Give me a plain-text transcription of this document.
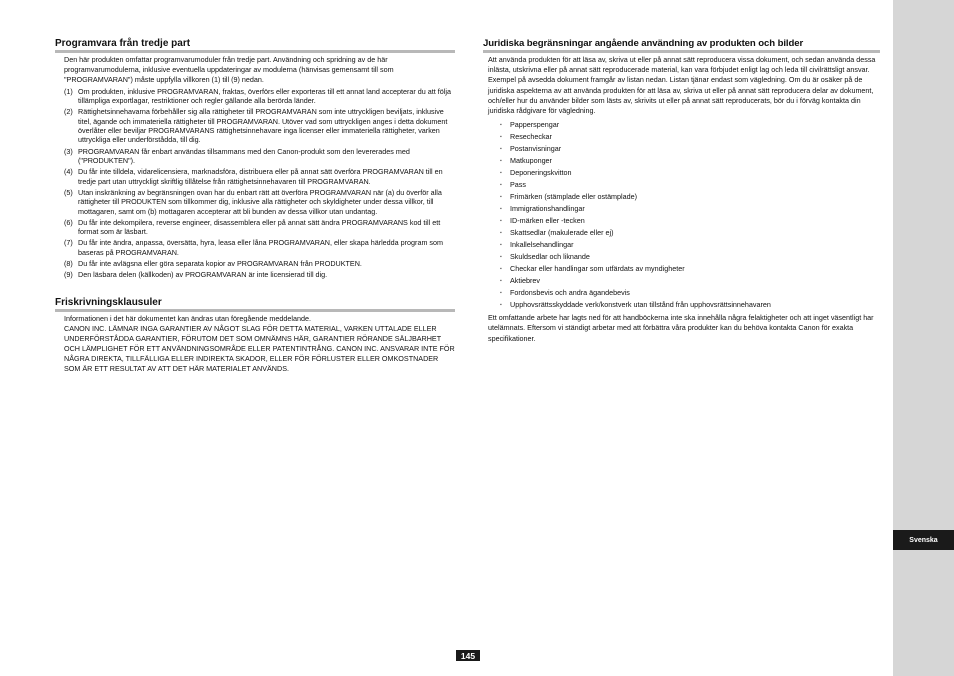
Svenska
Programvara från tredje part
Den här produkten omfattar programvarumoduler från tredje part. Användning och spridning av de här programvarumodulerna, inklusive eventuella uppdateringar av modulerna (hänvisas gemensamt till som "PROGRAMVARAN") måste uppfylla villkoren (1) till (9) nedan.
(1) Om produkten, inklusive PROGRAMVARAN, fraktas, överförs eller exporteras till ett annat land accepterar du att följa tillämpliga exportlagar, restriktioner och regler gällande alla berörda länder.
(2) Rättighetsinnehavarna förbehåller sig alla rättigheter till PROGRAMVARAN som inte uttryckligen beviljats, inklusive titel, ägande och immateriella rättigheter till PROGRAMVARAN. Utöver vad som uttryckligen anges i detta dokument överlåter eller beviljar PROGRAMVARANS rättighetsinnehavare inga licenser eller immateriella rättigheter, varken uttryckliga eller underförstådda, till dig.
(3) PROGRAMVARAN får enbart användas tillsammans med den Canon-produkt som den levererades med ("PRODUKTEN").
(4) Du får inte tilldela, vidarelicensiera, marknadsföra, distribuera eller på annat sätt överföra PROGRAMVARAN till en tredje part utan uttryckligt skriftlig tillåtelse från rättighetsinnehavaren till PROGRAMVARAN.
(5) Utan inskränkning av begränsningen ovan har du enbart rätt att överföra PROGRAMVARAN när (a) du överför alla rättigheter till PRODUKTEN som tillkommer dig, inklusive alla rättigheter och skyldigheter under dessa villkor, till mottagaren, samt om (b) mottagaren accepterar att bli bunden av dessa villkor utan undantag.
(6) Du får inte dekompilera, reverse engineer, disassemblera eller på annat sätt ändra PROGRAMVARANS kod till ett format som är läsbart.
(7) Du får inte ändra, anpassa, översätta, hyra, leasa eller låna PROGRAMVARAN, eller skapa härledda program som baseras på PROGRAMVARAN.
(8) Du får inte avlägsna eller göra separata kopior av PROGRAMVARAN från PRODUKTEN.
(9) Den läsbara delen (källkoden) av PROGRAMVARAN är inte licensierad till dig.
Friskrivningsklausuler
Informationen i det här dokumentet kan ändras utan föregående meddelande.
CANON INC. LÄMNAR INGA GARANTIER AV NÅGOT SLAG FÖR DETTA MATERIAL, VARKEN UTTALADE ELLER UNDERFÖRSTÅDDA GARANTIER, FÖRUTOM DET SOM OMNÄMNS HÄR, GARANTIER RÖRANDE SÄLJBARHET OCH LÄMPLIGHET FÖR ETT ANVÄNDNINGSOMRÅDE ELLER PATENTINTRÅNG. CANON INC. ANSVARAR INTE FÖR NÅGRA DIREKTA, TILLFÄLLIGA ELLER INDIREKTA SKADOR, ELLER FÖR FÖRLUSTER ELLER OMKOSTNADER SOM ÄR ETT RESULTAT AV ATT DET HÄR MATERIALET ANVÄNDS.
Juridiska begränsningar angående användning av produkten och bilder
Att använda produkten för att läsa av, skriva ut eller på annat sätt reproducera vissa dokument, och sedan använda dessa inlästa, utskrivna eller på annat sätt reproducerade material, kan vara förbjudet enligt lag och leda till civilrättsligt ansvar. Exempel på avsedda dokument framgår av listan nedan. Listan tjänar endast som vägledning. Om du är osäker på de juridiska aspekterna av att använda produkten för att läsa av, skriva ut eller på annat sätt reproducera delar av dokument, och/eller hur du använder bilder som lästs av, skrivits ut eller på annat sätt reproducerats, bör du i förväg kontakta din juridiska rådgivare för vägledning.
▪	Papperspengar
▪	Resecheckar
▪	Postanvisningar
▪	Matkuponger
▪	Deponeringskvitton
▪	Pass
▪	Frimärken (stämplade eller ostämplade)
▪	Immigrationshandlingar
▪	ID-märken eller -tecken
▪	Skattsedlar (makulerade eller ej)
▪	Inkallelsehandlingar
▪	Skuldsedlar och liknande
▪	Checkar eller handlingar som utfärdats av myndigheter
▪	Aktiebrev
▪	Fordonsbevis och andra ägandebevis
▪	Upphovsrättsskyddade verk/konstverk utan tillstånd från upphovsrättsinnehavaren
Ett omfattande arbete har lagts ned för att handböckerna inte ska innehålla några felaktigheter och att inget väsentligt har utelämnats. Eftersom vi ständigt arbetar med att förbättra våra produkter kan du behöva kontakta Canon för exakta specifikationer.
145
